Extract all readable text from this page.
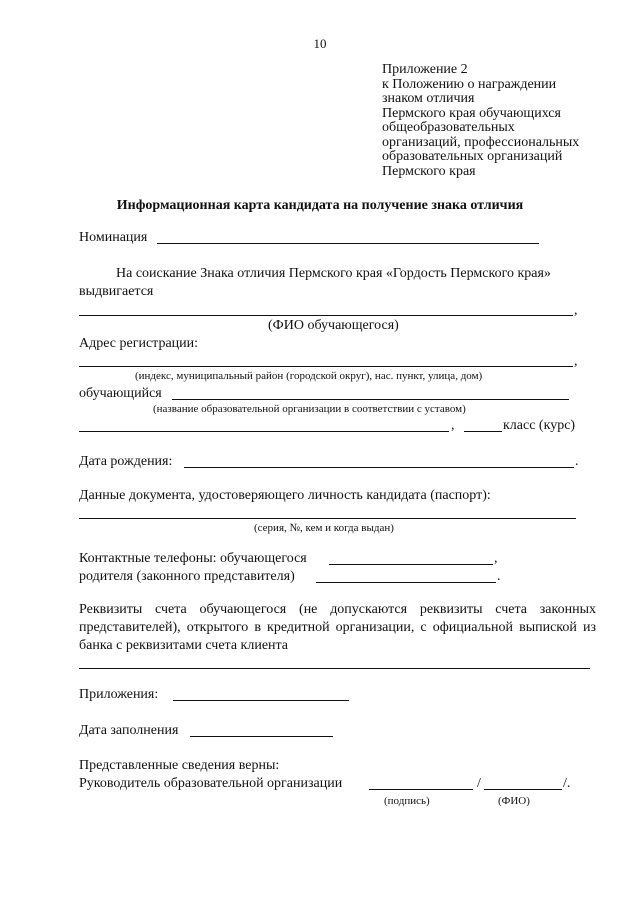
10
Приложение 2
к Положению о награждении
знаком отличия
Пермского края обучающихся
общеобразовательных
организаций, профессиональных
образовательных организаций
Пермского края
Информационная карта кандидата на получение знака отличия
Номинация
На соискание Знака отличия Пермского края «Гордость Пермского края»
выдвигается
,
(ФИО обучающегося)
Адрес регистрации:
,
(индекс, муниципальный район (городской округ), нас. пункт, улица, дом)
обучающийся
(название образовательной организации в соответствии с уставом)
,	класс (курс)
Дата рождения:	.
Данные документа, удостоверяющего личность кандидата (паспорт):
(серия, №, кем и когда выдан)
Контактные телефоны: обучающегося	,
родителя (законного представителя)	.
Реквизиты счета обучающегося (не допускаются реквизиты счета законных представителей), открытого в кредитной организации, с официальной выпиской из банка с реквизитами счета клиента
Приложения:
Дата заполнения
Представленные сведения верны:
Руководитель образовательной организации	/	/.
(подпись)	(ФИО)
